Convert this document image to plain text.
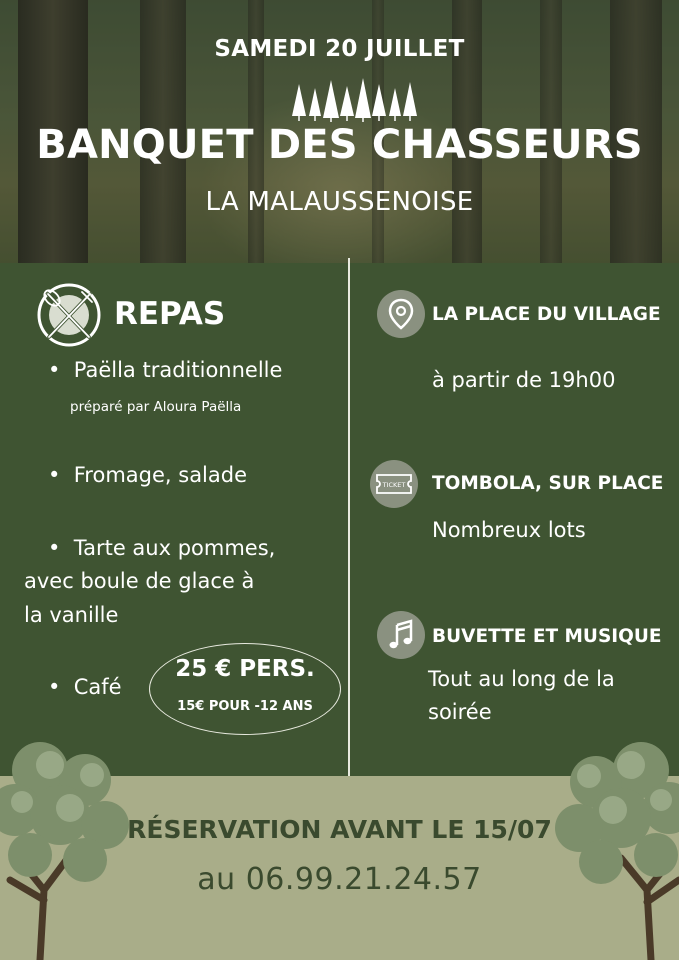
SAMEDI 20 JUILLET
BANQUET DES CHASSEURS
LA MALAUSSENOISE
REPAS
•  Paëlla traditionnelle
préparé par Aloura Paëlla
•  Fromage, salade
•  Tarte aux pommes,
avec boule de glace à
la vanille
•  Café
25 € PERS.
15€ POUR -12 ANS
LA PLACE DU VILLAGE
à partir de 19h00
TICKET TOMBOLA, SUR PLACE
Nombreux lots
BUVETTE ET MUSIQUE
Tout au long de la
soirée
RÉSERVATION AVANT LE 15/07
au 06.99.21.24.57
